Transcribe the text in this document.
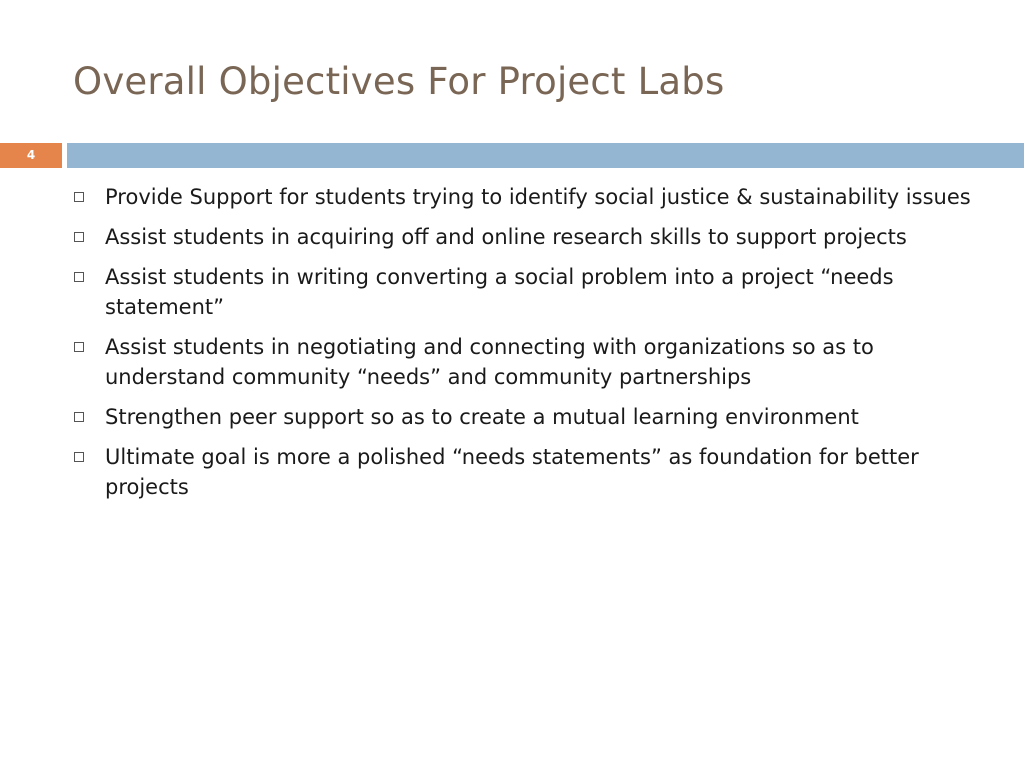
Overall Objectives For Project Labs
4
Provide Support for students trying to identify social justice & sustainability issues
Assist students in acquiring off and online research skills to support projects
Assist students in writing converting a social problem into a project “needs statement”
Assist students in negotiating and connecting with organizations so as to understand community “needs” and community partnerships
Strengthen peer support so as to create a mutual learning environment
Ultimate goal is more a polished “needs statements” as foundation for better projects
